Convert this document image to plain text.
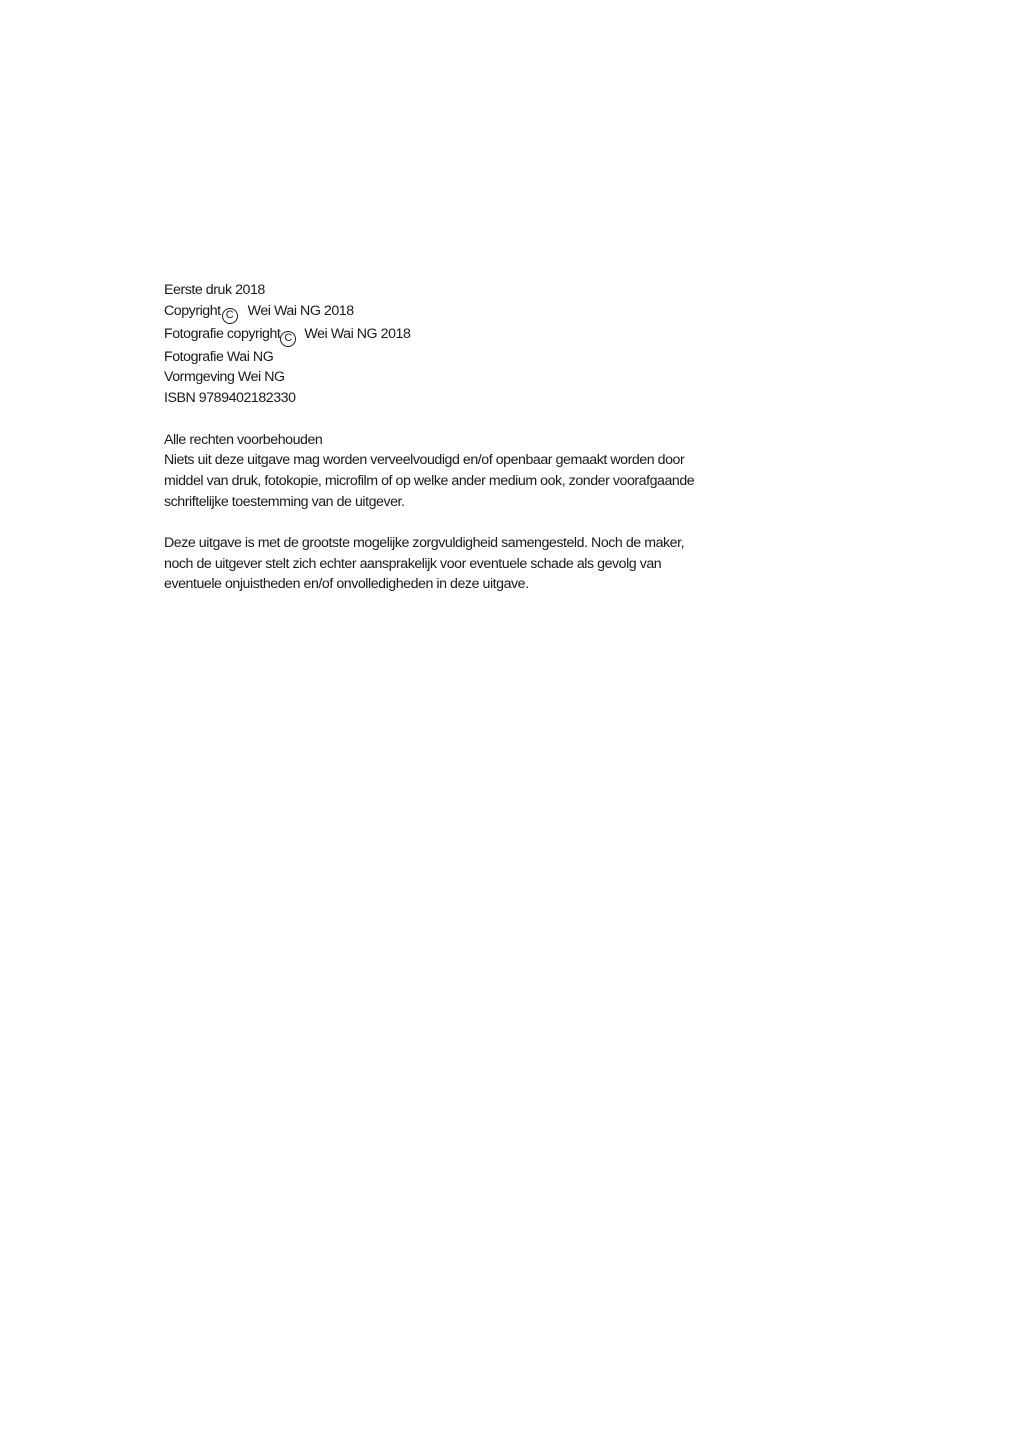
Eerste druk 2018
Copyright C Wei Wai NG 2018
Fotografie copyright C Wei Wai NG 2018
Fotografie Wai NG
Vormgeving Wei NG
ISBN 9789402182330
Alle rechten voorbehouden
Niets uit deze uitgave mag worden verveelvoudigd en/of openbaar gemaakt worden door
middel van druk, fotokopie, microfilm of op welke ander medium ook, zonder voorafgaande
schriftelijke toestemming van de uitgever.
Deze uitgave is met de grootste mogelijke zorgvuldigheid samengesteld. Noch de maker,
noch de uitgever stelt zich echter aansprakelijk voor eventuele schade als gevolg van
eventuele onjuistheden en/of onvolledigheden in deze uitgave.
